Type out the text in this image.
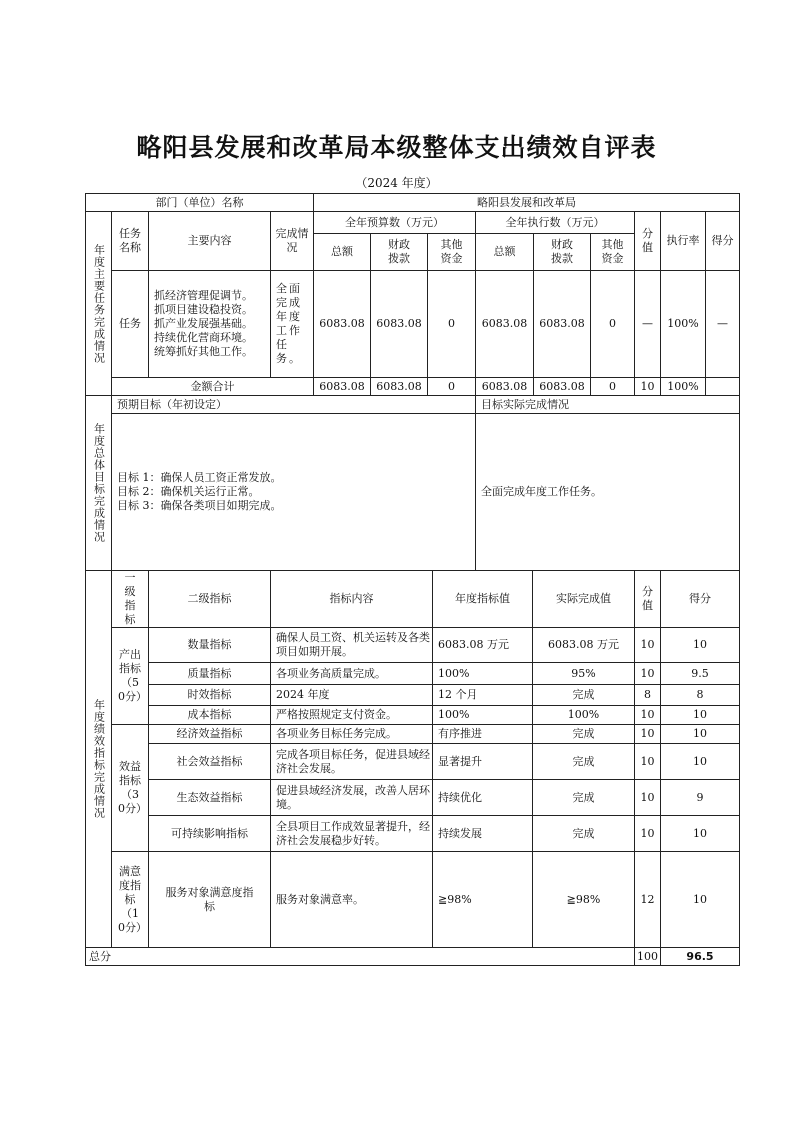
略阳县发展和改革局本级整体支出绩效自评表
（2024 年度）
部门（单位）名称				略阳县发展和改革局								

年度主要任务完成情况	任务名称	主要内容	完成情况	全年预算数（万元）			全年执行数（万元）			分值	执行率	得分
				总额	财政拨款	其他资金	总额	财政拨款	其他资金			
	任务	抓经济管理促调节。
抓项目建设稳投资。
抓产业发展强基础。
持续优化营商环境。
统筹抓好其他工作。	全面完成年度工作任务。	6083.08	6083.08	0	6083.08	6083.08	0	—	100%	—
	金额合计			6083.08	6083.08	0	6083.08	6083.08	0	10	100%	
年度总体目标完成情况	预期目标（年初设定）	目标实际完成情况

	目标 1：确保人员工资正常发放。
目标 2：确保机关运行正常。
目标 3：确保各类项目如期完成。	全面完成年度工作任务。
年度绩效指标完成情况	一级指标	二级指标	指标内容	年度指标值	实际完成值	分值	得分
	产出指标（50分）	数量指标	确保人员工资、机关运转及各类项目如期开展。	6083.08 万元	6083.08 万元	10	10
		质量指标	各项业务高质量完成。	100%	95%	10	9.5
		时效指标	2024 年度	12 个月	完成	8	8
		成本指标	严格按照规定支付资金。	100%	100%	10	10
	效益指标（30分）	经济效益指标	各项业务目标任务完成。	有序推进	完成	10	10
		社会效益指标	完成各项目标任务，促进县域经济社会发展。	显著提升	完成	10	10
		生态效益指标	促进县域经济发展，改善人居环境。	持续优化	完成	10	9
		可持续影响指标	全县项目工作成效显著提升，经济社会发展稳步好转。	持续发展	完成	10	10
	满意度指标（10分）	服务对象满意度指标	服务对象满意率。	≧98%	≧98%	12	10
总分						100	96.5
